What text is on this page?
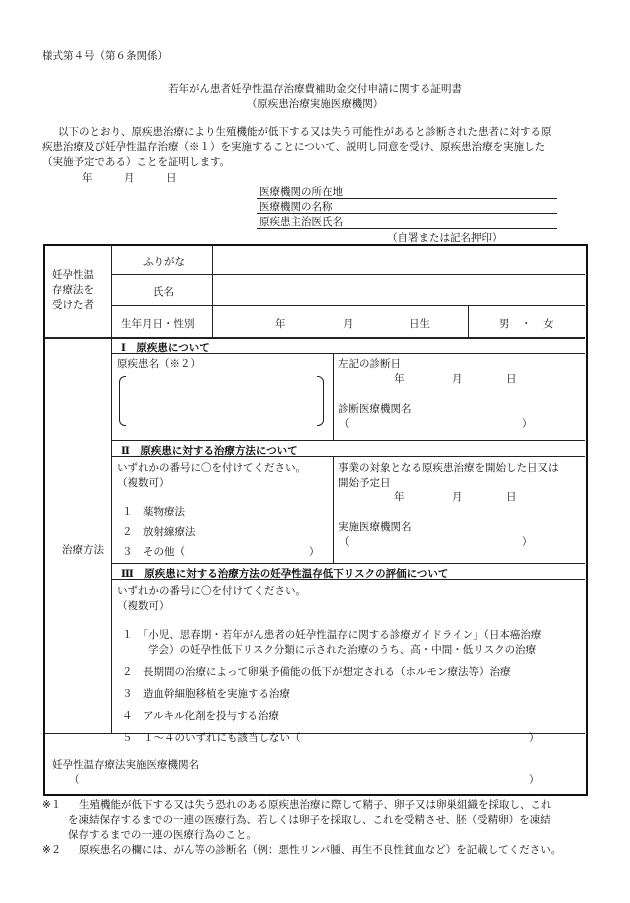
様式第４号（第６条関係）
若年がん患者妊孕性温存治療費補助金交付申請に関する証明書
（原疾患治療実施医療機関）
以下のとおり、原疾患治療により生殖機能が低下する又は失う可能性があると診断された患者に対する原
疾患治療及び妊孕性温存治療（※１）を実施することについて、説明し同意を受け、原疾患治療を実施した
（実施予定である）ことを証明します。
年	月	日
医療機関の所在地
医療機関の名称
原疾患主治医氏名
（自署または記名押印）
妊孕性温
存療法を
受けた者
ふりがな
氏名
生年月日・性別	年	月	日生	男 ・ 女
治療方法
Ⅰ　原疾患について
原疾患名（※２）	左記の診断日
年	月	日
診断医療機関名
（	）
Ⅱ　原疾患に対する治療方法について
いずれかの番号に〇を付けてください。
（複数可）
１　薬物療法
２　放射線療法
３　その他（	）
事業の対象となる原疾患治療を開始した日又は
開始予定日
年	月	日
実施医療機関名
（	）
Ⅲ　原疾患に対する治療方法の妊孕性温存低下リスクの評価について
いずれかの番号に〇を付けてください。
（複数可）
１　「小児、思春期・若年がん患者の妊孕性温存に関する診療ガイドライン」（日本癌治療
学会）の妊孕性低下リスク分類に示された治療のうち、高・中間・低リスクの治療
２　長期間の治療によって卵巣予備能の低下が想定される（ホルモン療法等）治療
３　造血幹細胞移植を実施する治療
４　アルキル化剤を投与する治療
５　１～４のいずれにも該当しない（	）
妊孕性温存療法実施医療機関名
（	）
※１ 生殖機能が低下する又は失う恐れのある原疾患治療に際して精子、卵子又は卵巣組織を採取し、これ
を凍結保存するまでの一連の医療行為、若しくは卵子を採取し、これを受精させ、胚（受精卵）を凍結
保存するまでの一連の医療行為のこと。
※２ 原疾患名の欄には、がん等の診断名（例：悪性リンパ腫、再生不良性貧血など）を記載してください。
